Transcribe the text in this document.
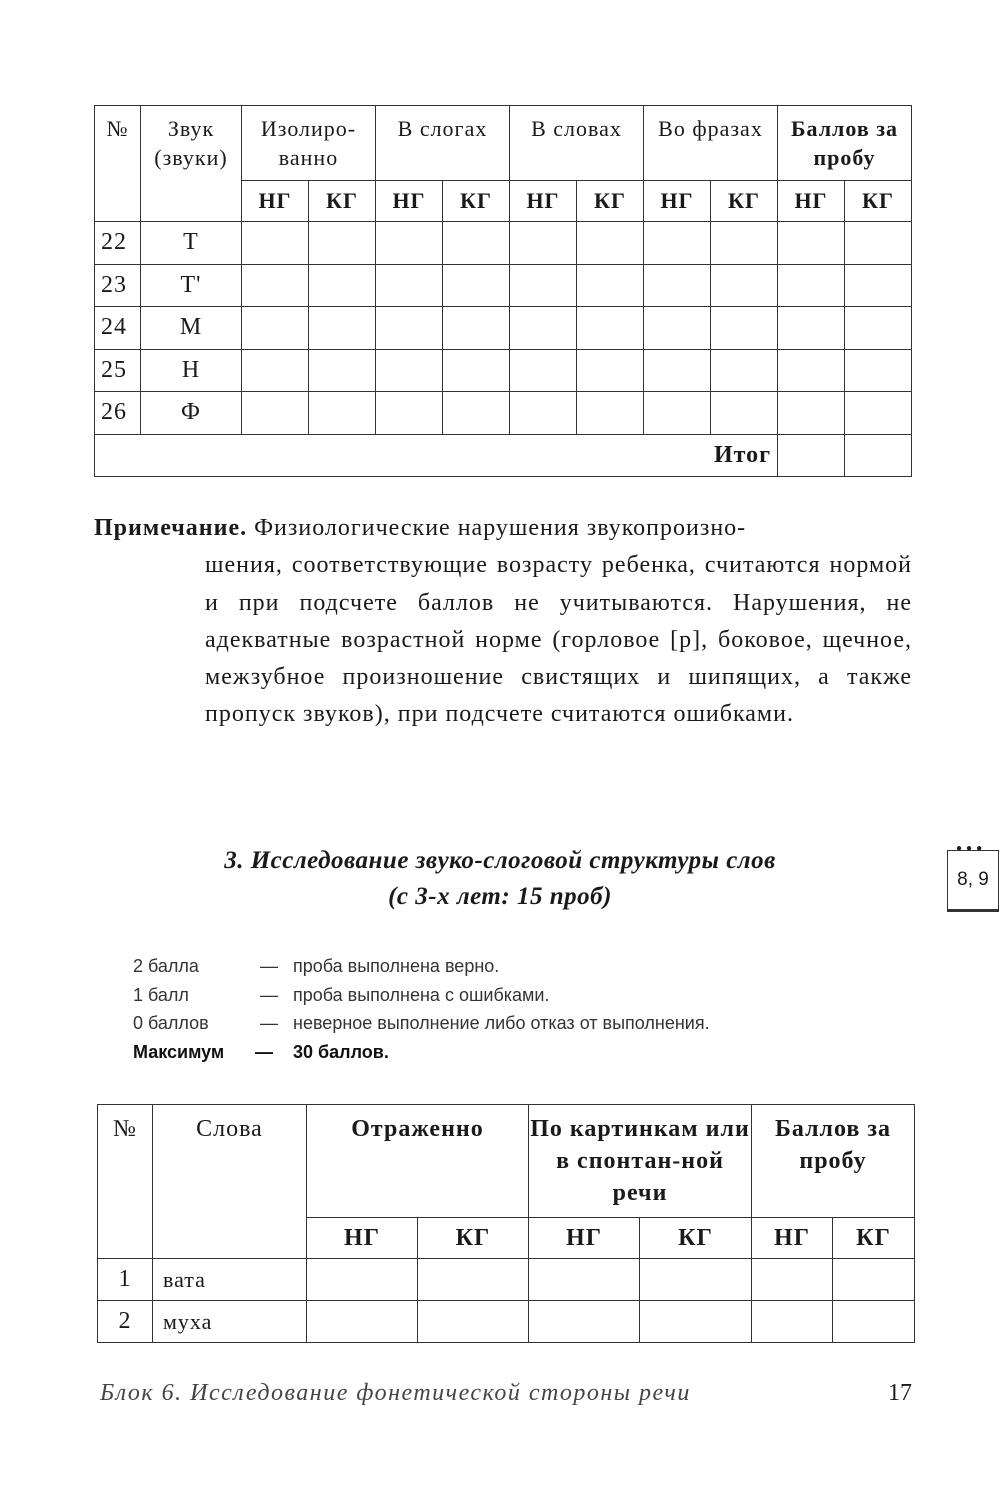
№	Звук (звуки)	Изолиро-ванно		В слогах		В словах		Во фразах		Баллов за пробу	
		НГ	КГ	НГ	КГ	НГ	КГ	НГ	КГ	НГ	КГ
22	Т										
23	Т'										
24	М										
25	Н										
26	Ф										
Итог											
Примечание. Физиологические нарушения звукопроизно-
шения, соответствующие возрасту ребенка, считаются нормой и при подсчете баллов не учитываются. Нарушения, не адекватные возрастной норме (горловое [р], боковое, щечное, межзубное произношение свистящих и шипящих, а также пропуск звуков), при подсчете считаются ошибками.
3. Исследование звуко-слоговой структуры слов
(с 3-х лет: 15 проб)
●●●
8, 9
2 балла	— проба выполнена верно.
1 балл	— проба выполнена с ошибками.
0 баллов	— неверное выполнение либо отказ от выполнения.
Максимум	—	30 баллов.
№	Слова	Отраженно		По картинкам или в спонтан-ной речи		Баллов за пробу	
		НГ	КГ	НГ	КГ	НГ	КГ
1	вата						
2	муха						
Блок 6. Исследование фонетической стороны речи	17
